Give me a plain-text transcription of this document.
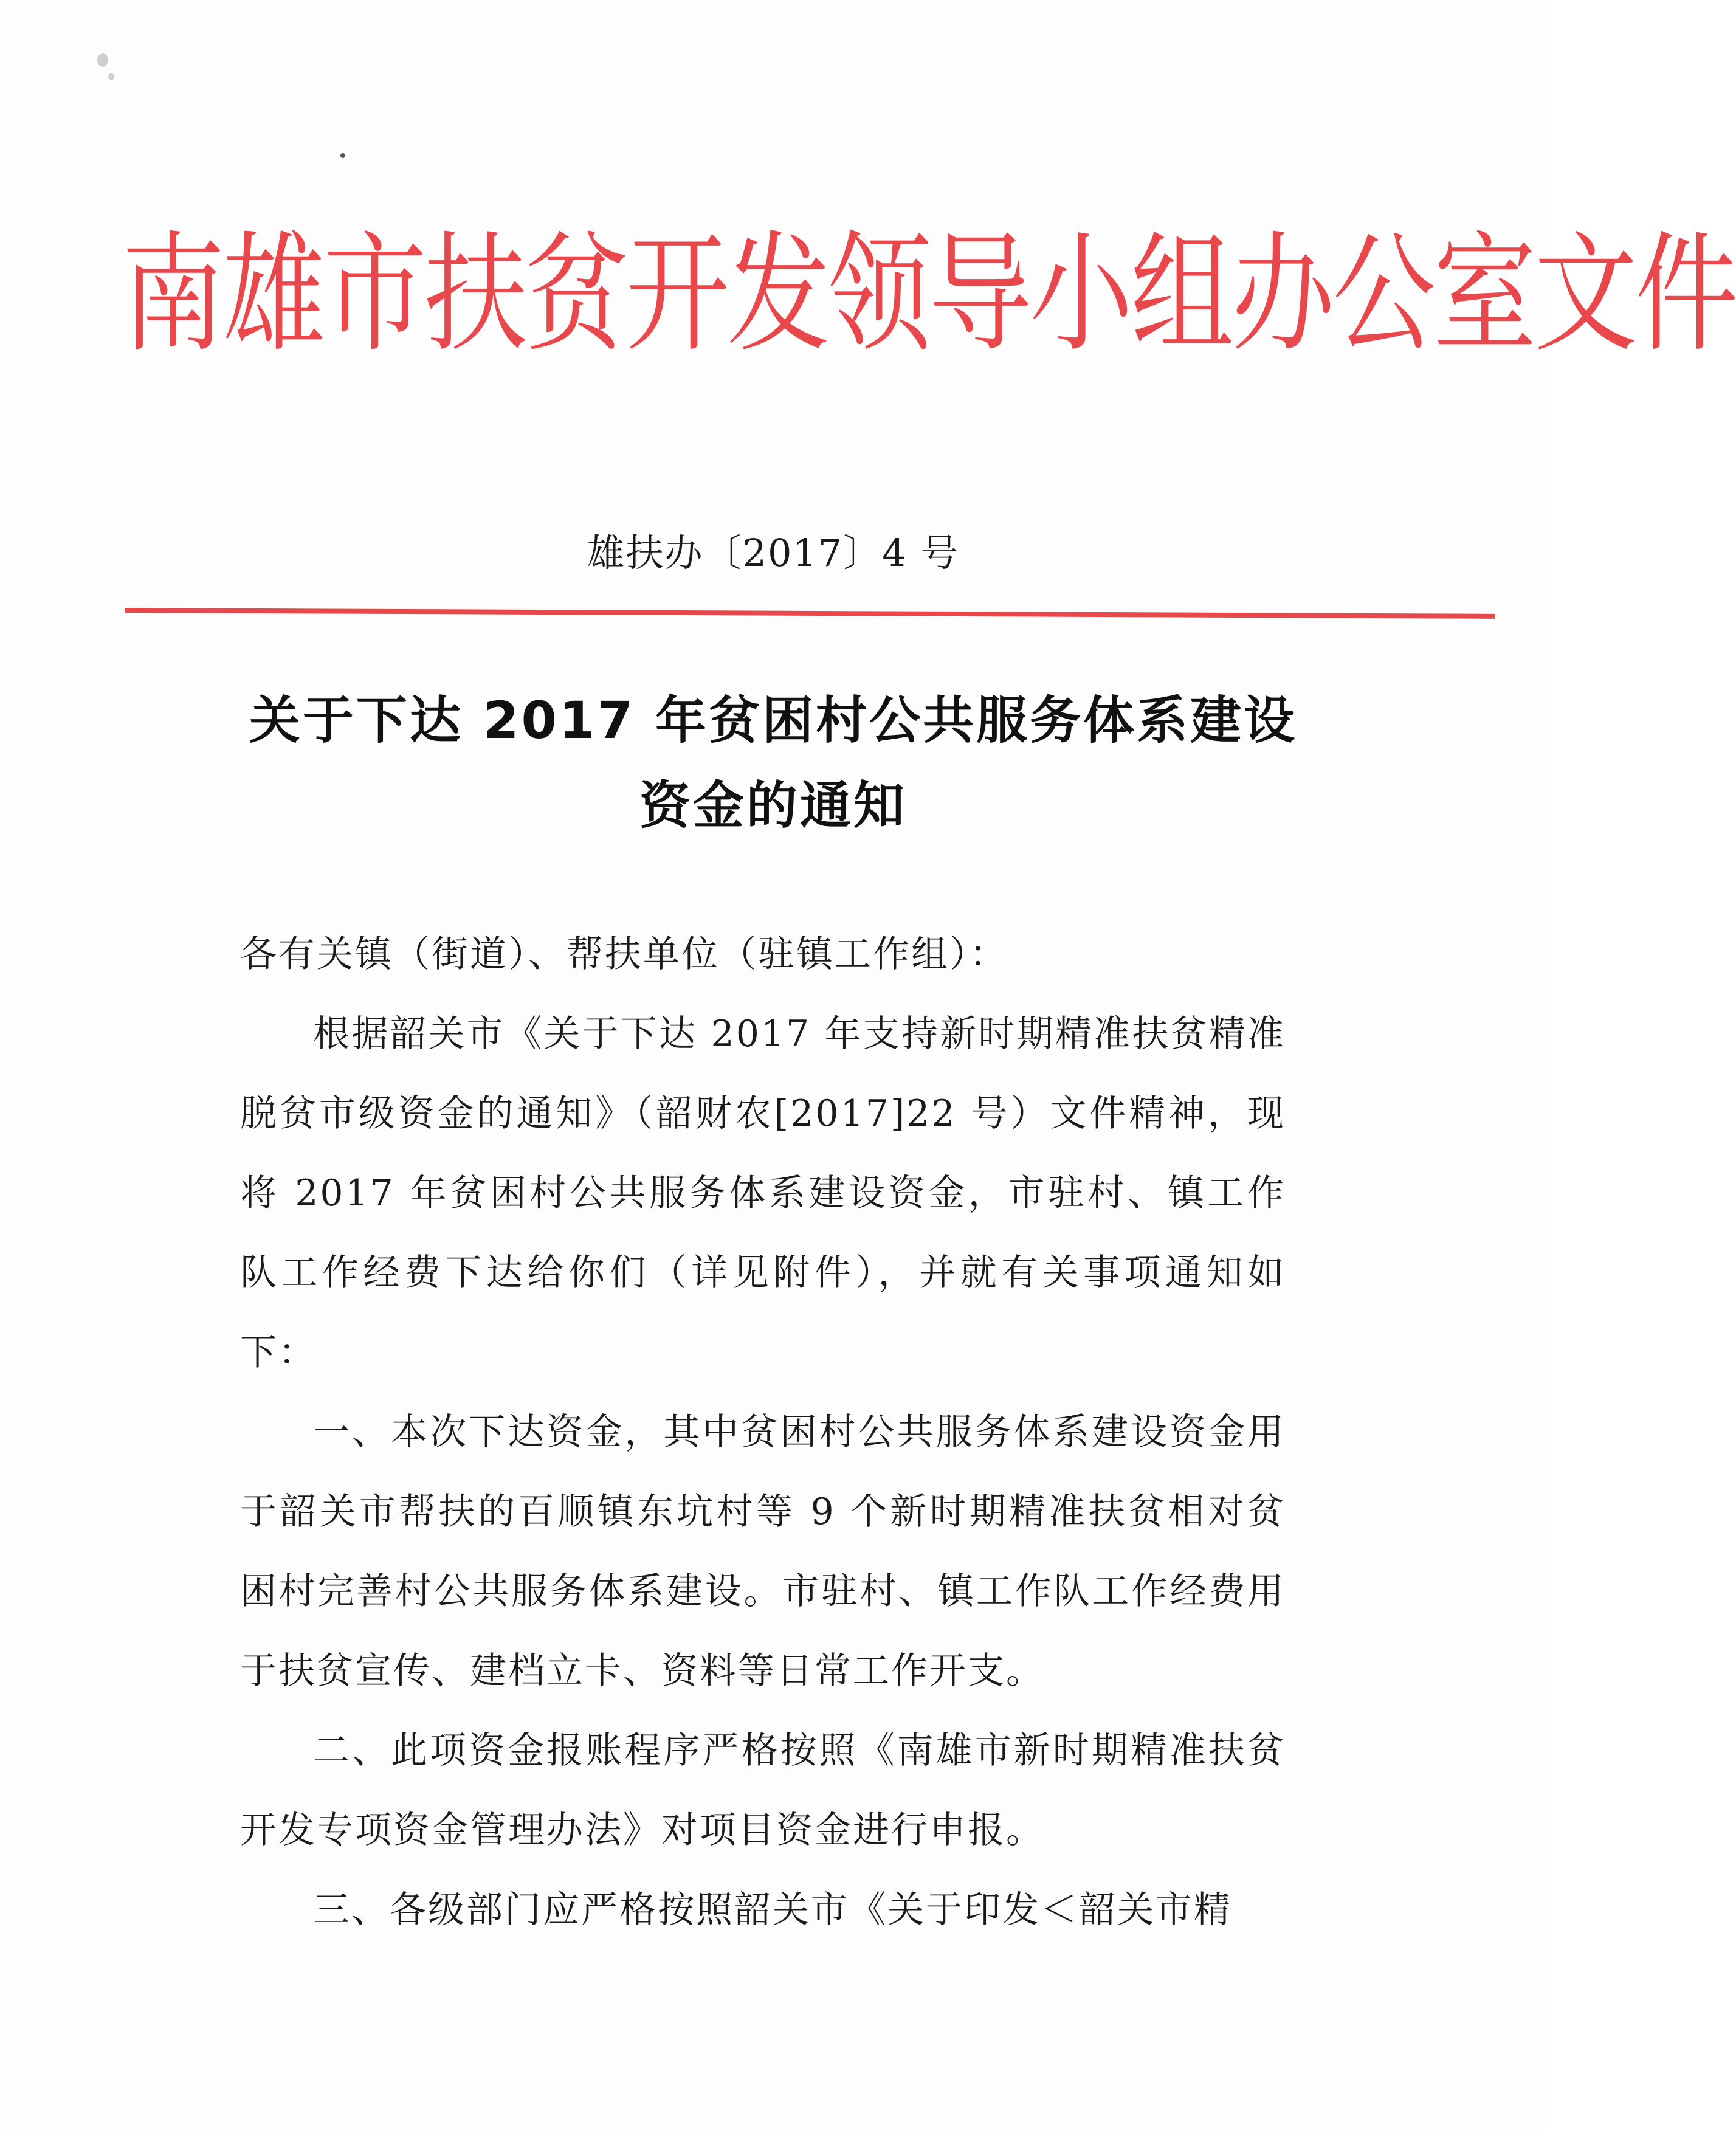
南雄市扶贫开发领导小组办公室文件
雄扶办〔2017〕4 号
关于下达 2017 年贫困村公共服务体系建设
资金的通知

各有关镇（街道）、帮扶单位（驻镇工作组）：

根据韶关市《关于下达 2017 年支持新时期精准扶贫精准脱贫市级资金的通知》（韶财农[2017]22 号）文件精神，现将 2017 年贫困村公共服务体系建设资金，市驻村、镇工作队工作经费下达给你们（详见附件），并就有关事项通知如下：

一、本次下达资金，其中贫困村公共服务体系建设资金用于韶关市帮扶的百顺镇东坑村等 9 个新时期精准扶贫相对贫困村完善村公共服务体系建设。市驻村、镇工作队工作经费用于扶贫宣传、建档立卡、资料等日常工作开支。

二、此项资金报账程序严格按照《南雄市新时期精准扶贫开发专项资金管理办法》对项目资金进行申报。

三、各级部门应严格按照韶关市《关于印发＜韶关市精
